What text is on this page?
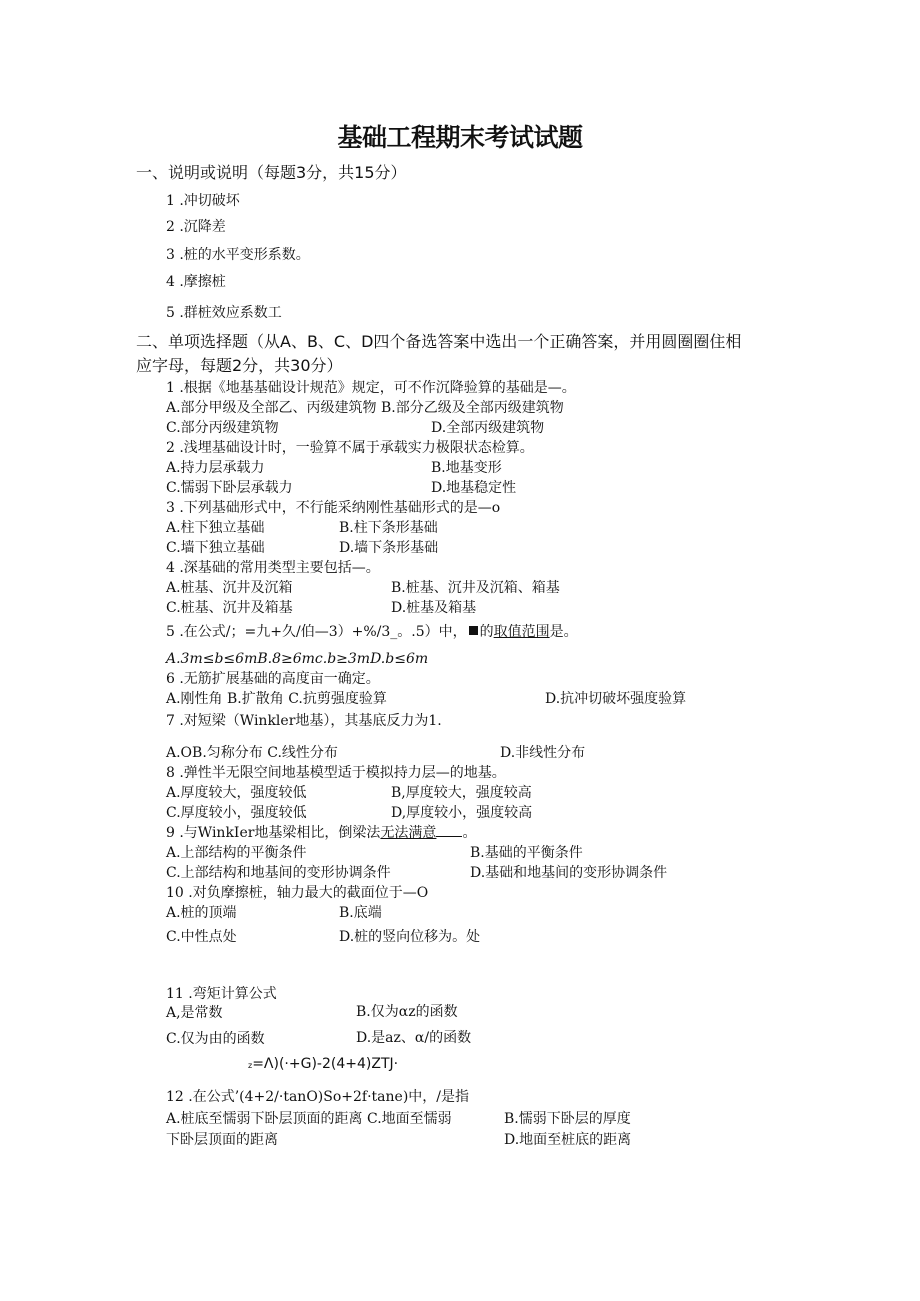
基础工程期末考试试题
一、说明或说明（每题3分，共15分）
1 .冲切破坏
2 .沉降差
3 .桩的水平变形系数。
4 .摩擦桩
5 .群桩效应系数工
二、单项选择题（从A、B、C、D四个备选答案中选出一个正确答案，并用圆圈圈住相
应字母，每题2分，共30分）
1 .根据《地基基础设计规范》规定，可不作沉降验算的基础是—。
A.部分甲级及全部乙、丙级建筑物 B.部分乙级及全部丙级建筑物
C.部分丙级建筑物	D.全部丙级建筑物
2 .浅埋基础设计时，一验算不属于承载实力极限状态检算。
A.持力层承载力	B.地基变形
C.懦弱下卧层承载力	D.地基稳定性
3 .下列基础形式中，不行能采纳刚性基础形式的是—o
A.柱下独立基础	B.柱下条形基础
C.墙下独立基础	D.墙下条形基础
4 .深基础的常用类型主要包括—。
A.桩基、沉井及沉箱	B.桩基、沉井及沉箱、箱基
C.桩基、沉井及箱基	D.桩基及箱基
5 .在公式/；=九+久/伯—3）+%/3_。.5）中， 的取值范围是。
A.3m≤b≤6mB.8≥6mc.b≥3mD.b≤6m
6 .无筋扩展基础的高度亩一确定。
A.刚性角 B.扩散角 C.抗剪强度验算	D.抗冲切破坏强度验算
7 .对短梁（Winkler地基），其基底反力为1.
A.OB.匀称分布 C.线性分布	D.非线性分布
8 .弹性半无限空间地基模型适于模拟持力层—的地基。
A.厚度较大，强度较低	B,厚度较大，强度较高
C.厚度较小，强度较低	D,厚度较小，强度较高
9 .与WinkIer地基梁相比，倒梁法无法满意 。
A.上部结构的平衡条件	B.基础的平衡条件
C.上部结构和地基间的变形协调条件	D.基础和地基间的变形协调条件
10 .对负摩擦桩，轴力最大的截面位于—O
A.桩的顶端	B.底端
C.中性点处	D.桩的竖向位移为。处
11 .弯矩计算公式
A,是常数	B.仅为αz的函数
C.仅为由的函数	D.是az、α/的函数
z=Λ)(·+G)-2(4+4)ZTJ·
12 .在公式’(4+2∕·tanO)So+2f·tane)中，/是指
A.桩底至懦弱下卧层顶面的距离 C.地面至懦弱	B.懦弱下卧层的厚度
下卧层顶面的距离	D.地面至桩底的距离
